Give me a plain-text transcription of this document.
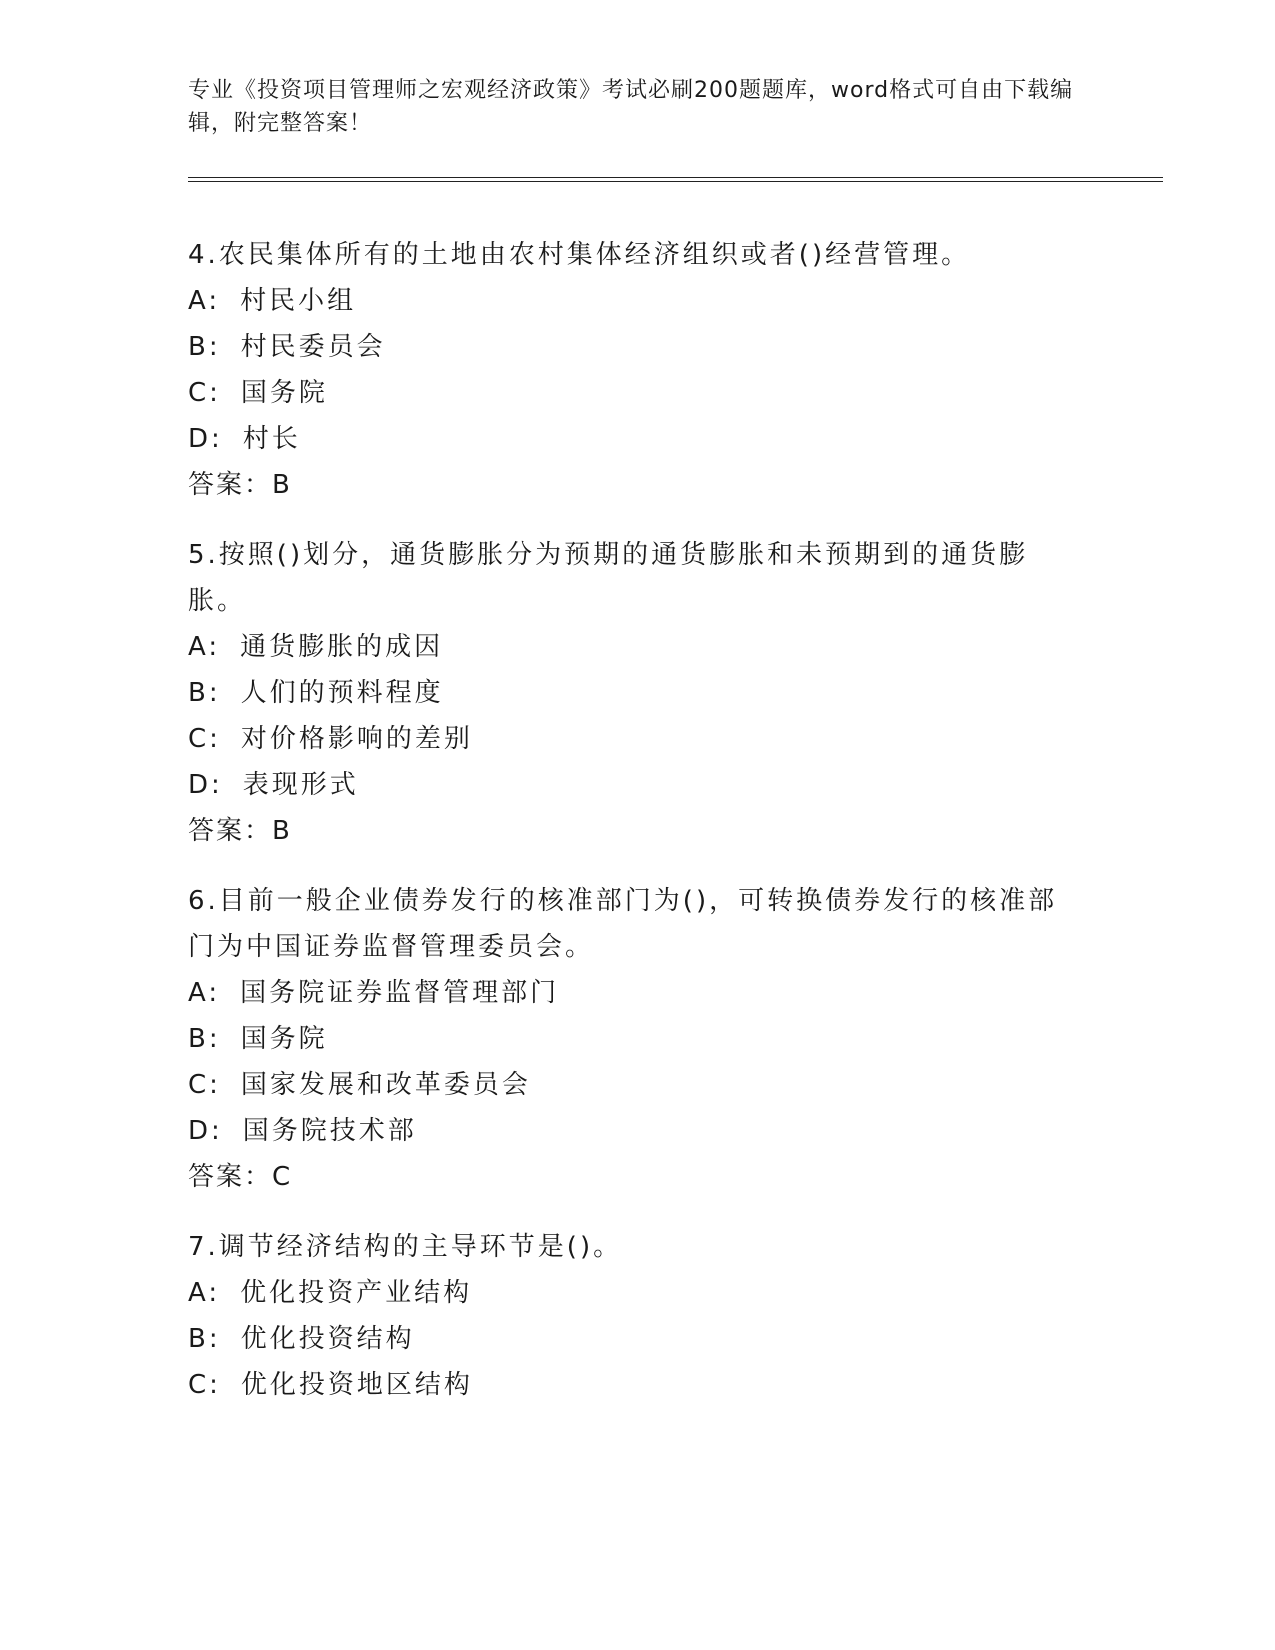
专业《投资项目管理师之宏观经济政策》考试必刷200题题库，word格式可自由下载编辑，附完整答案！
4.农民集体所有的土地由农村集体经济组织或者()经营管理。
A: 村民小组
B: 村民委员会
C: 国务院
D: 村长
答案：B
5.按照()划分，通货膨胀分为预期的通货膨胀和未预期到的通货膨胀。
A: 通货膨胀的成因
B: 人们的预料程度
C: 对价格影响的差别
D: 表现形式
答案：B
6.目前一般企业债券发行的核准部门为()，可转换债券发行的核准部门为中国证券监督管理委员会。
A: 国务院证券监督管理部门
B: 国务院
C: 国家发展和改革委员会
D: 国务院技术部
答案：C
7.调节经济结构的主导环节是()。
A: 优化投资产业结构
B: 优化投资结构
C: 优化投资地区结构
